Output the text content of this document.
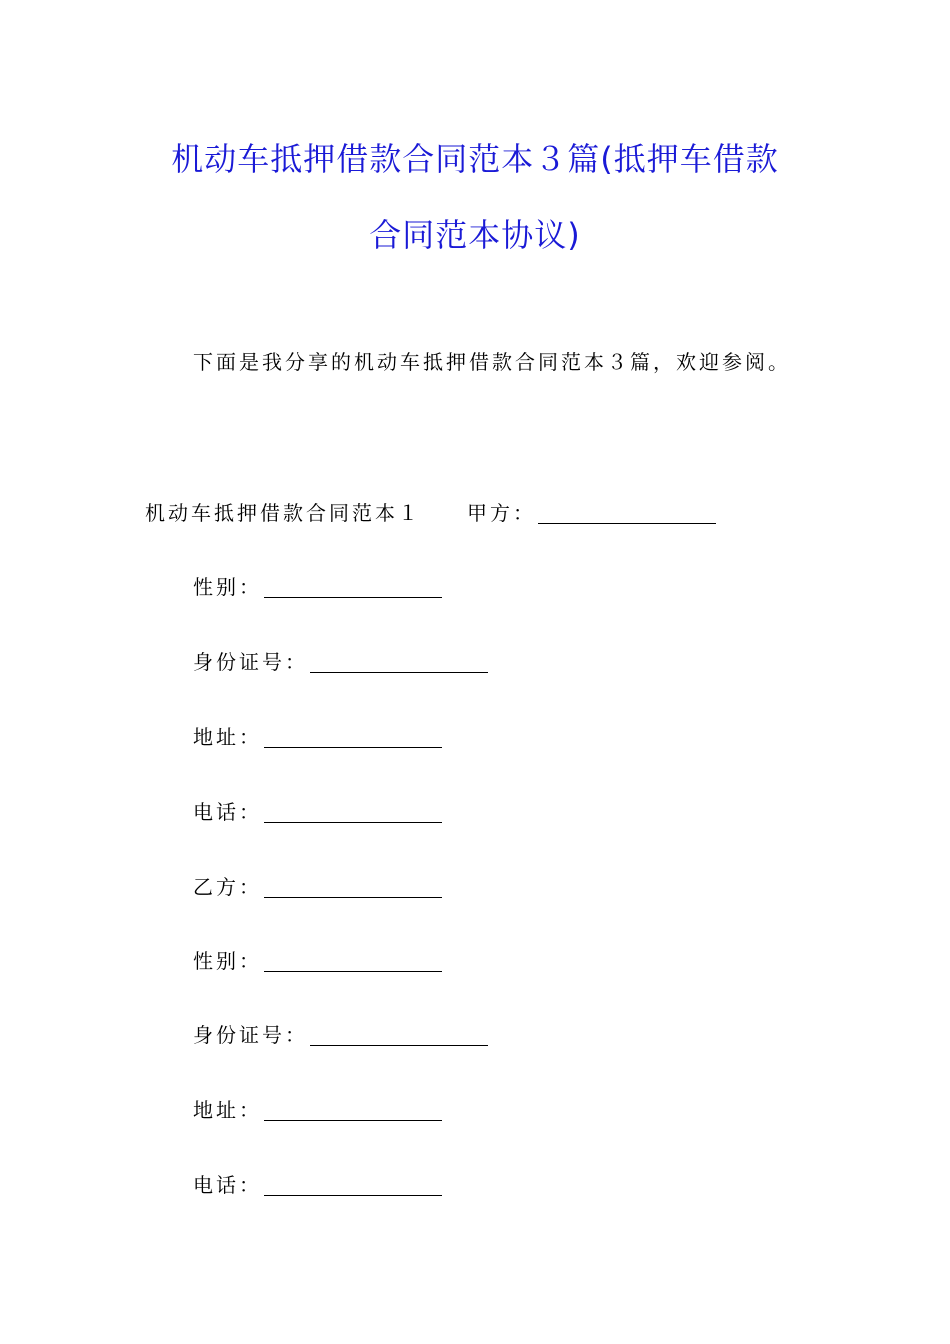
机动车抵押借款合同范本３篇(抵押车借款
合同范本协议)
下面是我分享的机动车抵押借款合同范本３篇，欢迎参阅。
机动车抵押借款合同范本１ 甲方：
性别：
身份证号：
地址：
电话：
乙方：
性别：
身份证号：
地址：
电话：
